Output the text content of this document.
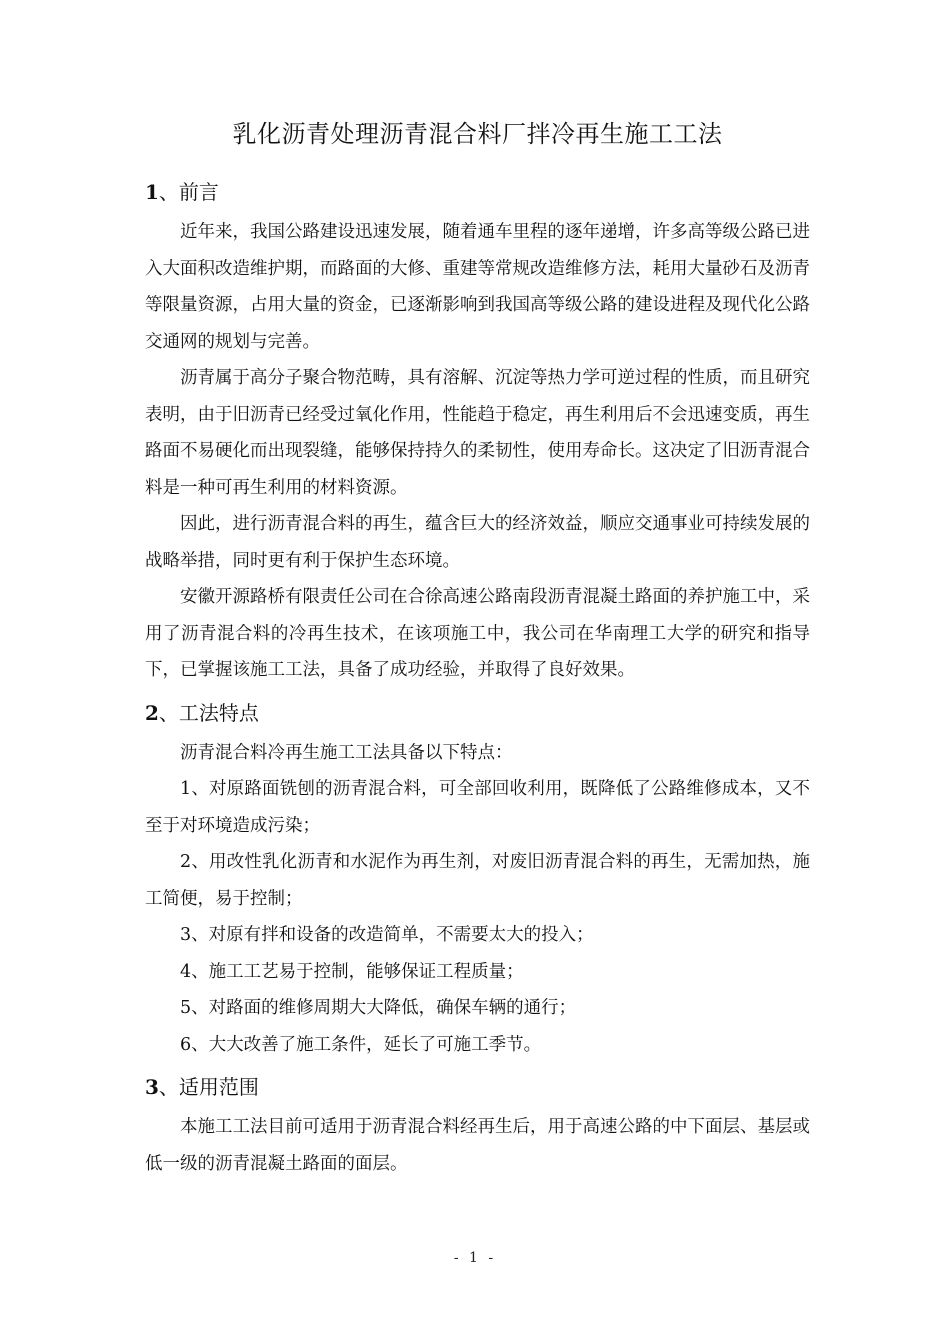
乳化沥青处理沥青混合料厂拌冷再生施工工法
1、前言

近年来，我国公路建设迅速发展，随着通车里程的逐年递增，许多高等级公路已进入大面积改造维护期，而路面的大修、重建等常规改造维修方法，耗用大量砂石及沥青等限量资源，占用大量的资金，已逐渐影响到我国高等级公路的建设进程及现代化公路交通网的规划与完善。

沥青属于高分子聚合物范畴，具有溶解、沉淀等热力学可逆过程的性质，而且研究表明，由于旧沥青已经受过氧化作用，性能趋于稳定，再生利用后不会迅速变质，再生路面不易硬化而出现裂缝，能够保持持久的柔韧性，使用寿命长。这决定了旧沥青混合料是一种可再生利用的材料资源。

因此，进行沥青混合料的再生，蕴含巨大的经济效益，顺应交通事业可持续发展的战略举措，同时更有利于保护生态环境。

安徽开源路桥有限责任公司在合徐高速公路南段沥青混凝土路面的养护施工中，采用了沥青混合料的冷再生技术，在该项施工中，我公司在华南理工大学的研究和指导下，已掌握该施工工法，具备了成功经验，并取得了良好效果。

2、工法特点

沥青混合料冷再生施工工法具备以下特点：

1、对原路面铣刨的沥青混合料，可全部回收利用，既降低了公路维修成本，又不至于对环境造成污染；

2、用改性乳化沥青和水泥作为再生剂，对废旧沥青混合料的再生，无需加热，施工简便，易于控制；

3、对原有拌和设备的改造简单，不需要太大的投入；

4、施工工艺易于控制，能够保证工程质量；

5、对路面的维修周期大大降低，确保车辆的通行；

6、大大改善了施工条件，延长了可施工季节。

3、适用范围

本施工工法目前可适用于沥青混合料经再生后，用于高速公路的中下面层、基层或低一级的沥青混凝土路面的面层。

- 1 -
